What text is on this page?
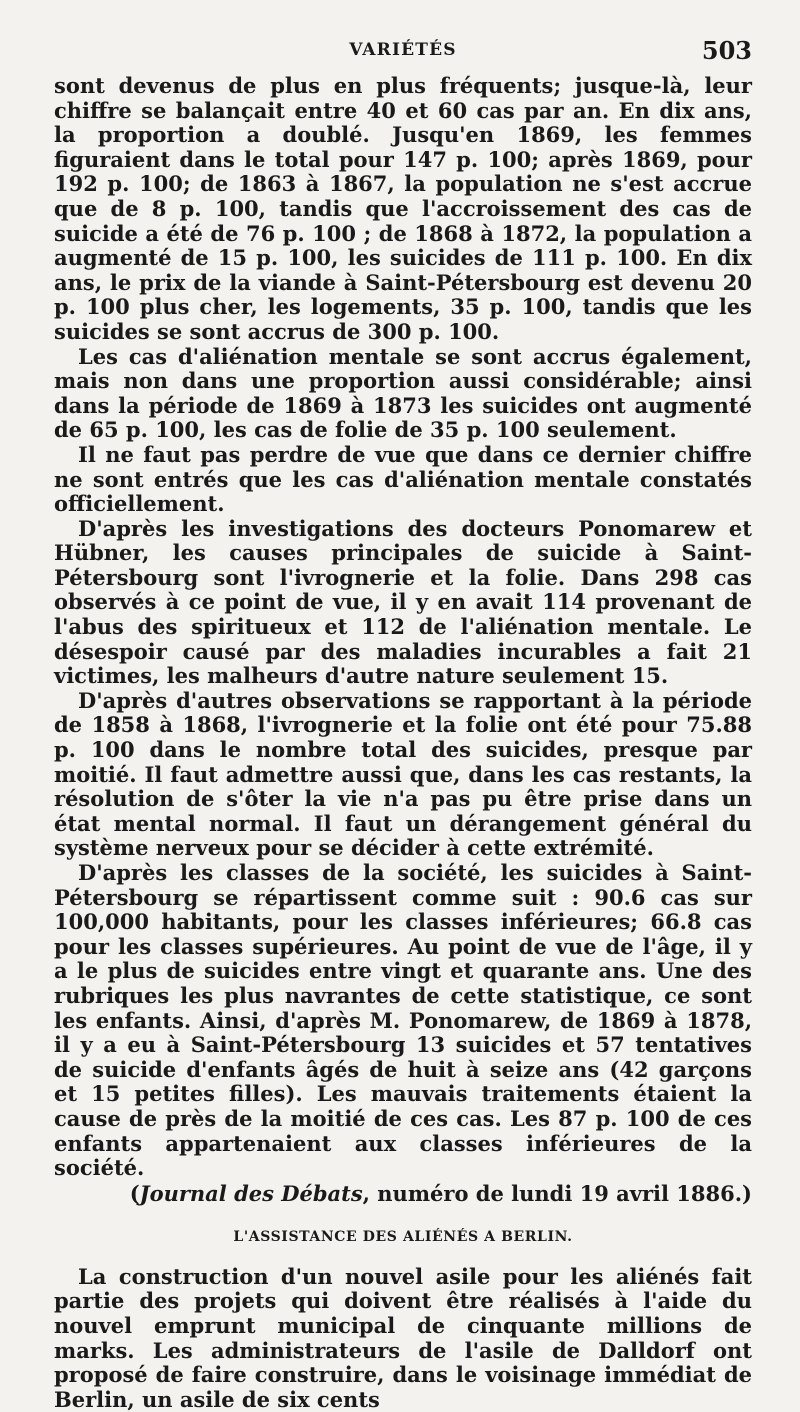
VARIÉTÉS	503

sont devenus de plus en plus fréquents; jusque-là, leur chiffre se balançait entre 40 et 60 cas par an. En dix ans, la proportion a doublé. Jusqu'en 1869, les femmes figuraient dans le total pour 147 p. 100; après 1869, pour 192 p. 100; de 1863 à 1867, la population ne s'est accrue que de 8 p. 100, tandis que l'accroissement des cas de suicide a été de 76 p. 100 ; de 1868 à 1872, la population a augmenté de 15 p. 100, les suicides de 111 p. 100. En dix ans, le prix de la viande à Saint-Pétersbourg est devenu 20 p. 100 plus cher, les logements, 35 p. 100, tandis que les suicides se sont accrus de 300 p. 100.

Les cas d'aliénation mentale se sont accrus également, mais non dans une proportion aussi considérable; ainsi dans la période de 1869 à 1873 les suicides ont augmenté de 65 p. 100, les cas de folie de 35 p. 100 seulement.

Il ne faut pas perdre de vue que dans ce dernier chiffre ne sont entrés que les cas d'aliénation mentale constatés officiellement.

D'après les investigations des docteurs Ponomarew et Hübner, les causes principales de suicide à Saint-Pétersbourg sont l'ivrognerie et la folie. Dans 298 cas observés à ce point de vue, il y en avait 114 provenant de l'abus des spiritueux et 112 de l'aliénation mentale. Le désespoir causé par des maladies incurables a fait 21 victimes, les malheurs d'autre nature seulement 15.

D'après d'autres observations se rapportant à la période de 1858 à 1868, l'ivrognerie et la folie ont été pour 75.88 p. 100 dans le nombre total des suicides, presque par moitié. Il faut admettre aussi que, dans les cas restants, la résolution de s'ôter la vie n'a pas pu être prise dans un état mental normal. Il faut un dérangement général du système nerveux pour se décider à cette extrémité.

D'après les classes de la société, les suicides à Saint-Pétersbourg se répartissent comme suit : 90.6 cas sur 100,000 habitants, pour les classes inférieures; 66.8 cas pour les classes supérieures. Au point de vue de l'âge, il y a le plus de suicides entre vingt et quarante ans. Une des rubriques les plus navrantes de cette statistique, ce sont les enfants. Ainsi, d'après M. Ponomarew, de 1869 à 1878, il y a eu à Saint-Pétersbourg 13 suicides et 57 tentatives de suicide d'enfants âgés de huit à seize ans (42 garçons et 15 petites filles). Les mauvais traitements étaient la cause de près de la moitié de ces cas. Les 87 p. 100 de ces enfants appartenaient aux classes inférieures de la société.

(Journal des Débats, numéro de lundi 19 avril 1886.)
L'ASSISTANCE DES ALIÉNÉS A BERLIN.

La construction d'un nouvel asile pour les aliénés fait partie des projets qui doivent être réalisés à l'aide du nouvel emprunt municipal de cinquante millions de marks. Les administrateurs de l'asile de Dalldorf ont proposé de faire construire, dans le voisinage immédiat de Berlin, un asile de six cents
